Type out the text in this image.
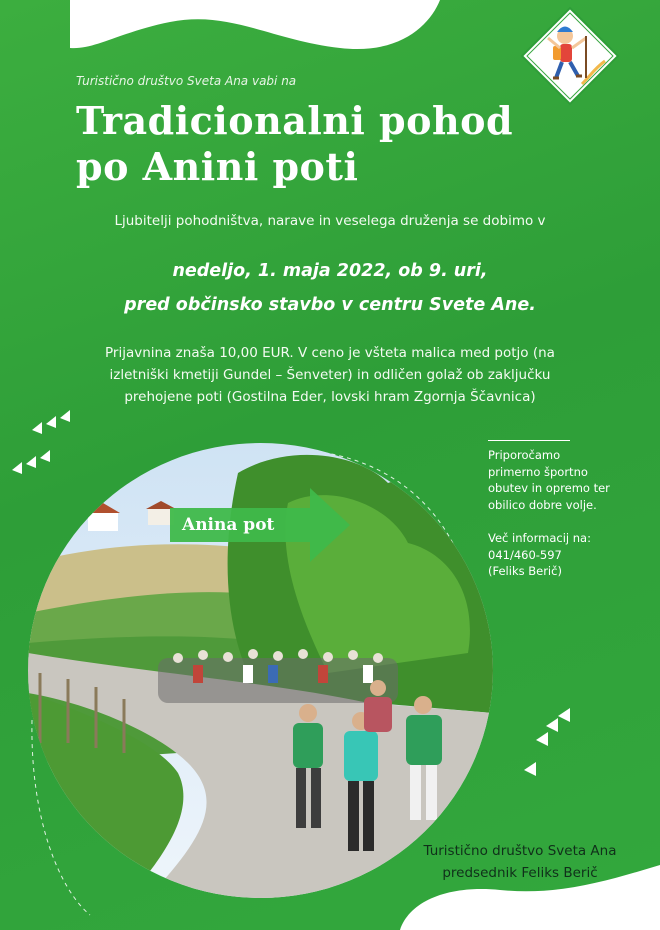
Turistično društvo Sveta Ana vabi na
Tradicionalni pohod
po Anini poti
Ljubitelji pohodništva, narave in veselega druženja se dobimo v
nedeljo, 1. maja 2022, ob 9. uri,
pred občinsko stavbo v centru Svete Ane.
Prijavnina znaša 10,00 EUR. V ceno je všteta malica med potjo (na
izletniški kmetiji Gundel – Šenveter) in odličen golaž ob zaključku
prehojene poti (Gostilna Eder, lovski hram Zgornja Ščavnica)
Anina pot

Priporočamo
primerno športno
obutev in opremo ter
obilico dobre volje.

Več informacij na:
041/460-597
(Feliks Berič)

Turistično društvo Sveta Ana
predsednik Feliks Berič
